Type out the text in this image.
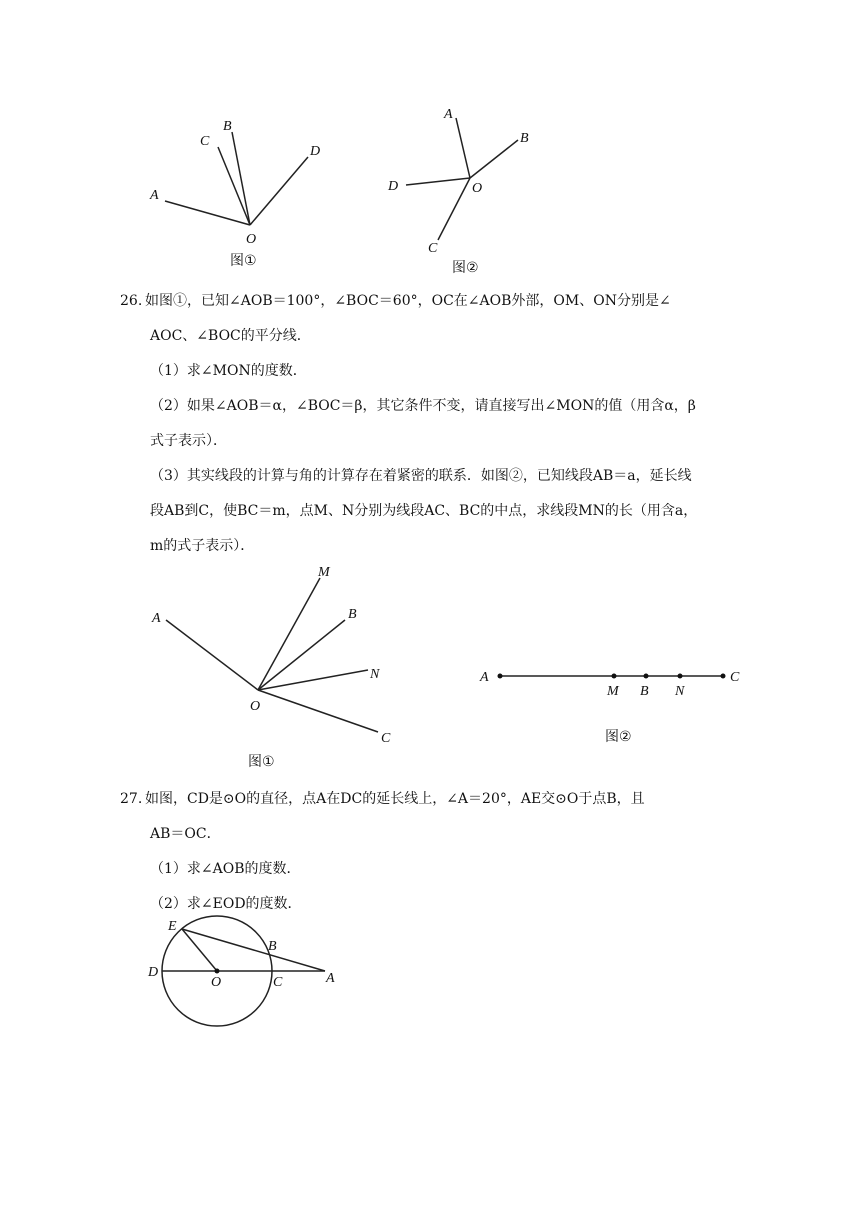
A
B
C
D
O
图①
A
B
C
D	O
图②
26. 如图①，已知∠AOB＝100°，∠BOC＝60°，OC在∠AOB外部，OM、ON分别是∠
AOC、∠BOC的平分线．
（1）求∠MON的度数．
（2）如果∠AOB＝α，∠BOC＝β，其它条件不变，请直接写出∠MON的值（用含α，β
式子表示）．
（3）其实线段的计算与角的计算存在着紧密的联系．如图②，已知线段AB＝a，延长线
段AB到C，使BC＝m，点M、N分别为线段AC、BC的中点，求线段MN的长（用含a，
m的式子表示）．
A
M
B
N
O
C
图①
A
M B N
C
图②
27. 如图，CD是⊙O的直径，点A在DC的延长线上，∠A＝20°，AE交⊙O于点B，且
AB＝OC．
（1）求∠AOB的度数．
（2）求∠EOD的度数．
E
B
D
O	C	A
